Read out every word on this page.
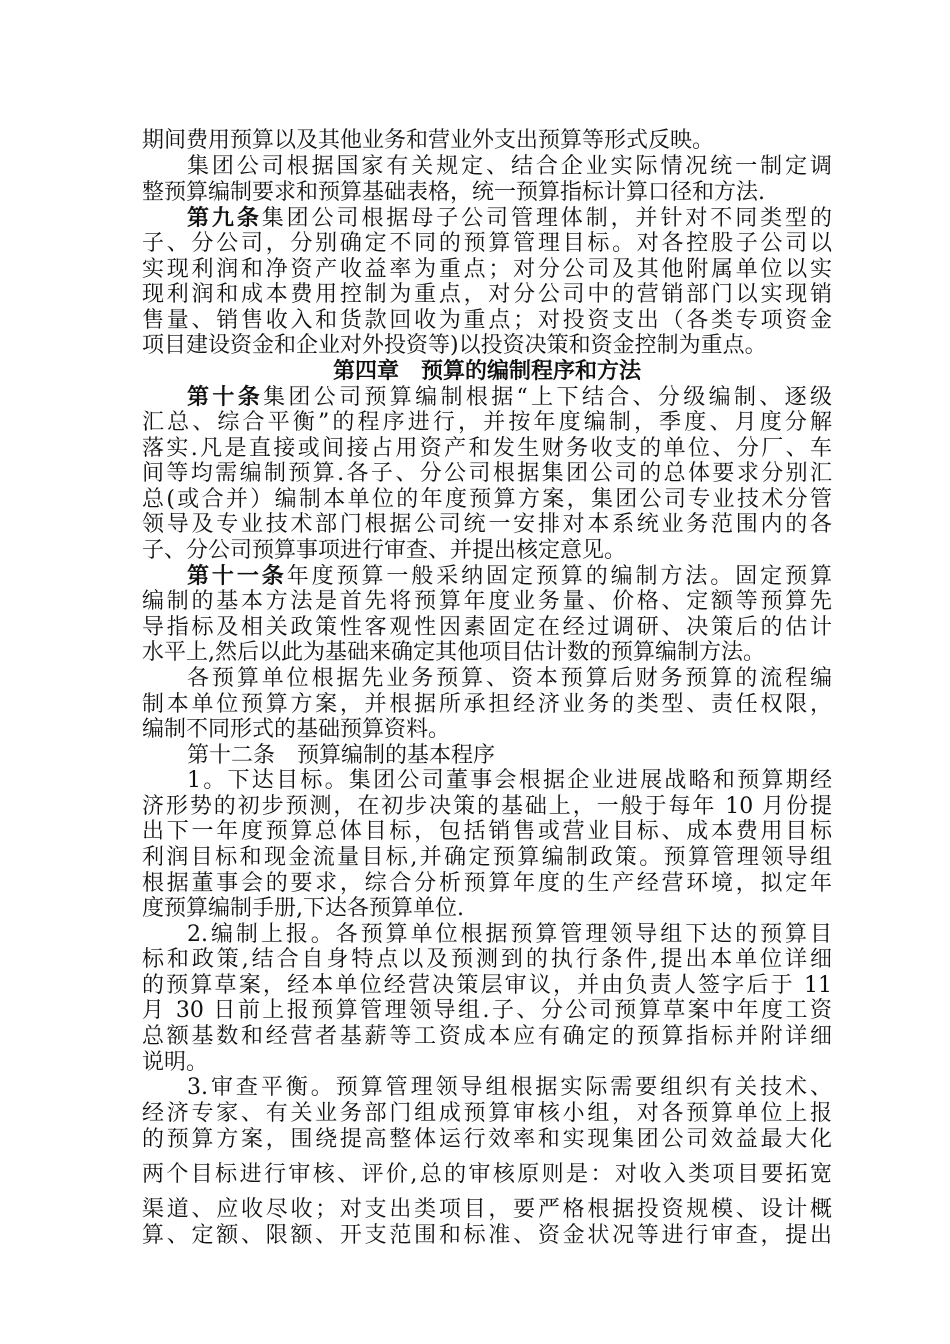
期间费用预算以及其他业务和营业外支出预算等形式反映。
集团公司根据国家有关规定、结合企业实际情况统一制定调
整预算编制要求和预算基础表格，统一预算指标计算口径和方法.
第九条集团公司根据母子公司管理体制，并针对不同类型的
子、分公司，分别确定不同的预算管理目标。对各控股子公司以
实现利润和净资产收益率为重点；对分公司及其他附属单位以实
现利润和成本费用控制为重点，对分公司中的营销部门以实现销
售量、销售收入和货款回收为重点；对投资支出（各类专项资金
项目建设资金和企业对外投资等)以投资决策和资金控制为重点。
第四章　预算的编制程序和方法
第十条集团公司预算编制根据“上下结合、分级编制、逐级
汇总、综合平衡”的程序进行，并按年度编制，季度、月度分解
落实.凡是直接或间接占用资产和发生财务收支的单位、分厂、车
间等均需编制预算.各子、分公司根据集团公司的总体要求分别汇
总(或合并）编制本单位的年度预算方案，集团公司专业技术分管
领导及专业技术部门根据公司统一安排对本系统业务范围内的各
子、分公司预算事项进行审查、并提出核定意见。
第十一条年度预算一般采纳固定预算的编制方法。固定预算
编制的基本方法是首先将预算年度业务量、价格、定额等预算先
导指标及相关政策性客观性因素固定在经过调研、决策后的估计
水平上,然后以此为基础来确定其他项目估计数的预算编制方法。
各预算单位根据先业务预算、资本预算后财务预算的流程编
制本单位预算方案，并根据所承担经济业务的类型、责任权限，
编制不同形式的基础预算资料。
第十二条　预算编制的基本程序
1。下达目标。集团公司董事会根据企业进展战略和预算期经
济形势的初步预测，在初步决策的基础上，一般于每年 10 月份提
出下一年度预算总体目标，包括销售或营业目标、成本费用目标
利润目标和现金流量目标,并确定预算编制政策。预算管理领导组
根据董事会的要求，综合分析预算年度的生产经营环境，拟定年
度预算编制手册,下达各预算单位.
2.编制上报。各预算单位根据预算管理领导组下达的预算目
标和政策,结合自身特点以及预测到的执行条件,提出本单位详细
的预算草案，经本单位经营决策层审议，并由负责人签字后于 11
月 30 日前上报预算管理领导组.子、分公司预算草案中年度工资
总额基数和经营者基薪等工资成本应有确定的预算指标并附详细
说明。
3.审查平衡。预算管理领导组根据实际需要组织有关技术、
经济专家、有关业务部门组成预算审核小组，对各预算单位上报
的预算方案，围绕提高整体运行效率和实现集团公司效益最大化
两个目标进行审核、评价,总的审核原则是：对收入类项目要拓宽
渠道、应收尽收；对支出类项目，要严格根据投资规模、设计概
算、定额、限额、开支范围和标准、资金状况等进行审查，提出
